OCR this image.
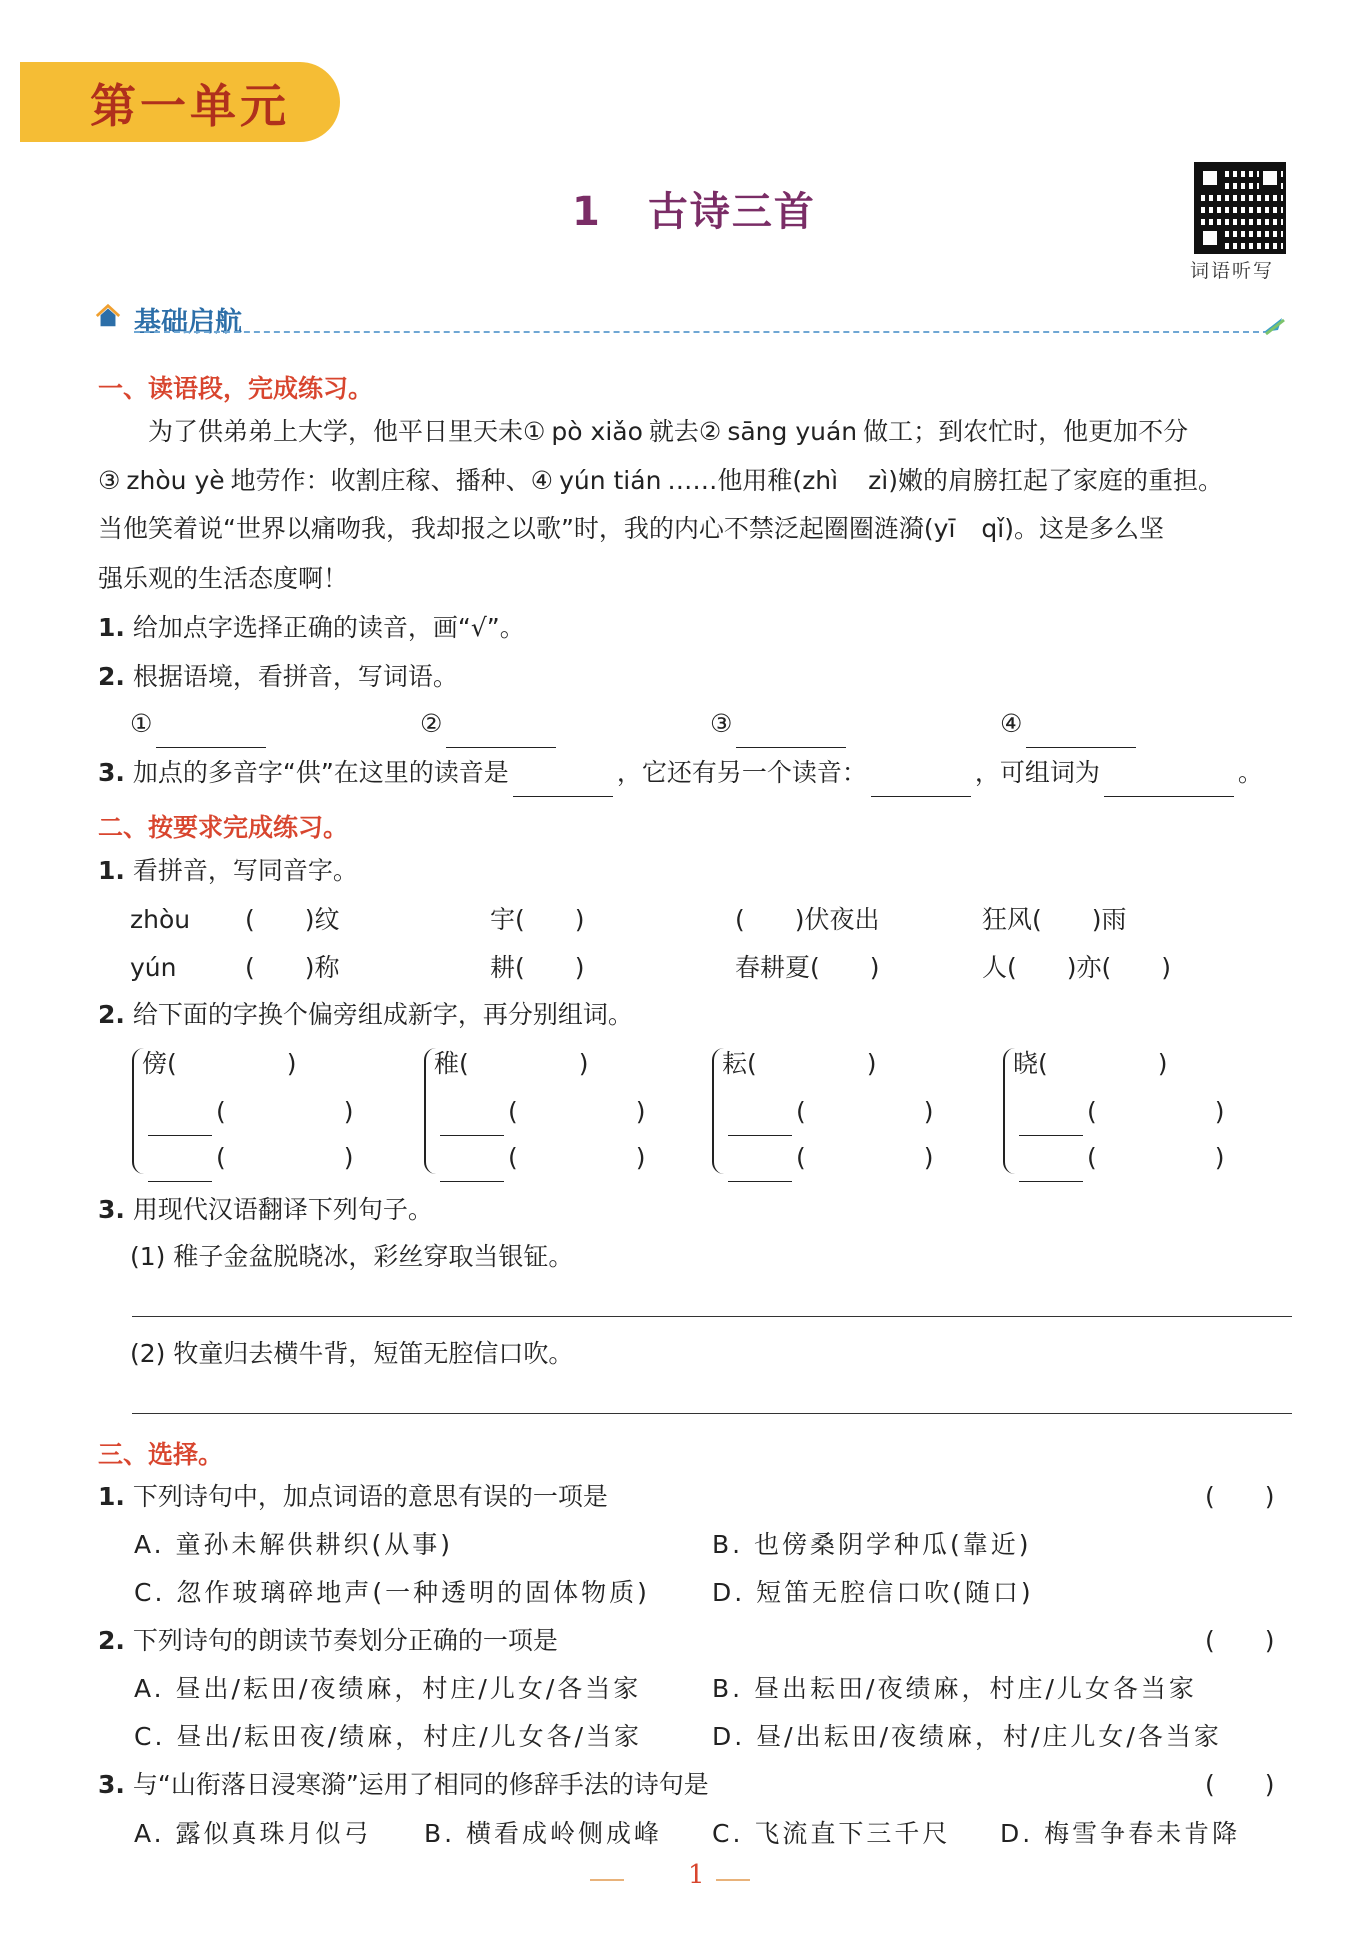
第一单元
1 古诗三首
词语听写
基础启航
一、读语段，完成练习。
为了供弟弟上大学，他平日里天未① pò xiǎo 就去② sāng yuán 做工；到农忙时，他更加不分
③ zhòu yè 地劳作：收割庄稼、播种、④ yún tián ……他用稚(zhì zì)嫩的肩膀扛起了家庭的重担。
当他笑着说“世界以痛吻我，我却报之以歌”时，我的内心不禁泛起圈圈涟漪(yī qǐ)。这是多么坚
强乐观的生活态度啊！
1. 给加点字选择正确的读音，画“√”。
2. 根据语境，看拼音，写词语。
①	②	③	④
3. 加点的多音字“供”在这里的读音是	，它还有另一个读音：	，可组词为	。
二、按要求完成练习。
1. 看拼音，写同音字。
zhòu ( )纹	宇( )	( )伏夜出	狂风( )雨
yún	( )称	耕( )	春耕夏( )	人( )亦( )
2. 给下面的字换个偏旁组成新字，再分别组词。
傍(	)
(	)
(	)
稚(	)
(	)
(	)
耘(	)
(	)
(	)
晓(	)
(	)
(	)
3. 用现代汉语翻译下列句子。
(1) 稚子金盆脱晓冰，彩丝穿取当银钲。
(2) 牧童归去横牛背，短笛无腔信口吹。
三、选择。
1. 下列诗句中，加点词语的意思有误的一项是	(　　)
A. 童孙未解供耕织(从事)	B. 也傍桑阴学种瓜(靠近)
C. 忽作玻璃碎地声(一种透明的固体物质) D. 短笛无腔信口吹(随口)
2. 下列诗句的朗读节奏划分正确的一项是	(　　)
A. 昼出/耘田/夜绩麻，村庄/儿女/各当家	B. 昼出耘田/夜绩麻，村庄/儿女各当家
C. 昼出/耘田夜/绩麻，村庄/儿女各/当家	D. 昼/出耘田/夜绩麻，村/庄儿女/各当家
3. 与“山衔落日浸寒漪”运用了相同的修辞手法的诗句是	(　　)
A. 露似真珠月似弓 B. 横看成岭侧成峰 C. 飞流直下三千尺 D. 梅雪争春未肯降
1
